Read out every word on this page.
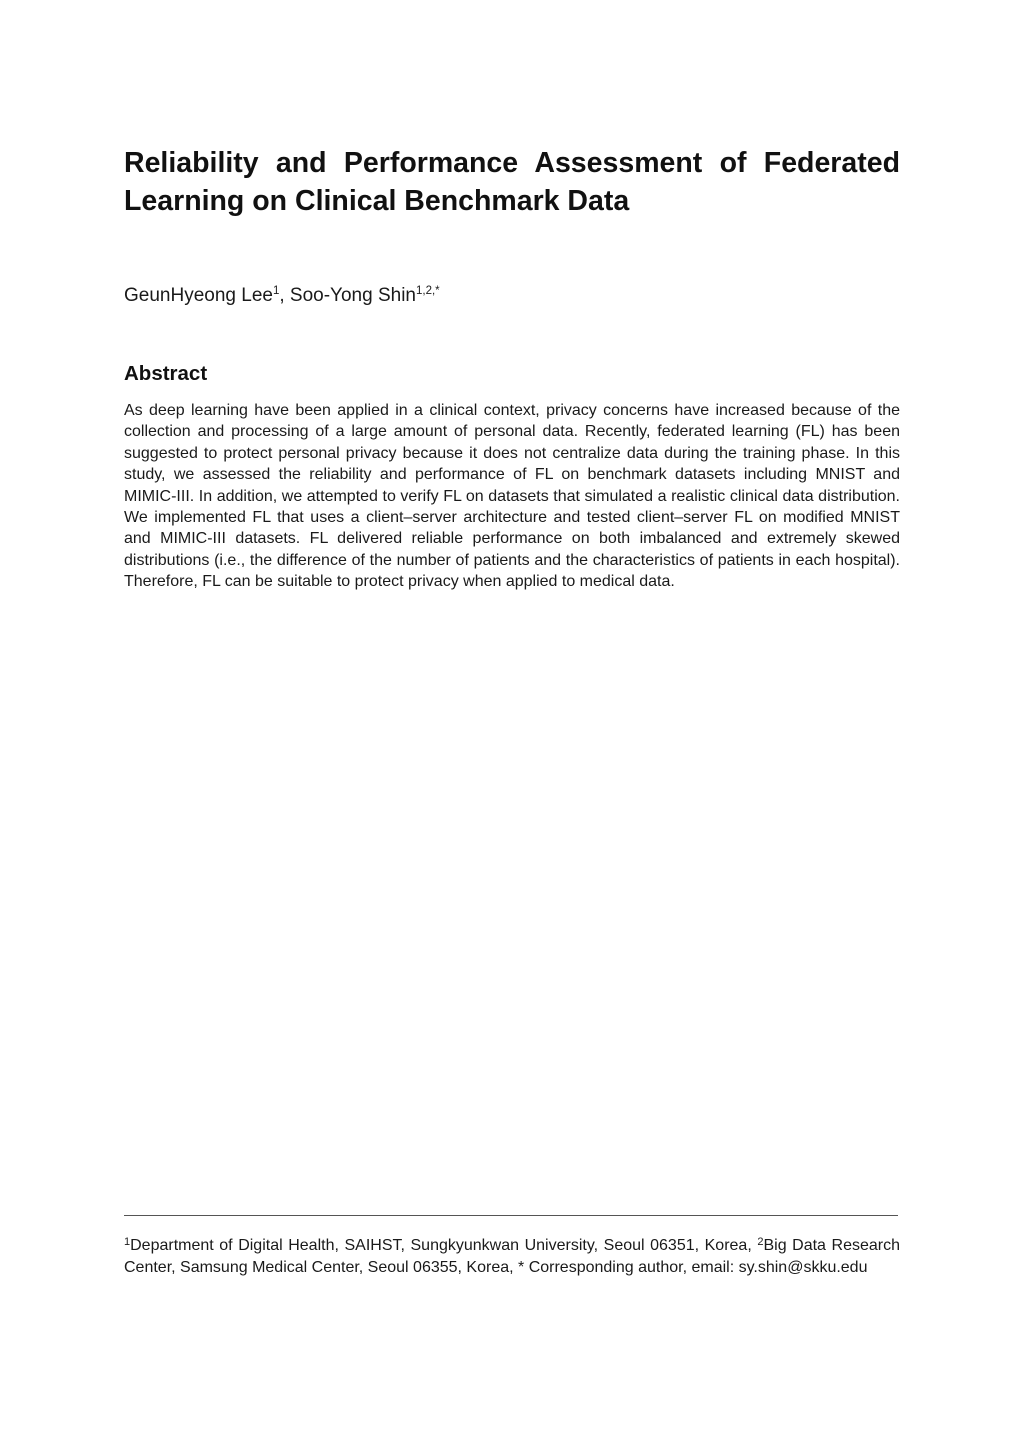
Reliability and Performance Assessment of Federated Learning on Clinical Benchmark Data
GeunHyeong Lee$^1$, Soo-Yong Shin$^{1,2,*}$
Abstract

As deep learning have been applied in a clinical context, privacy concerns have increased because of the collection and processing of a large amount of personal data. Recently, federated learning (FL) has been suggested to protect personal privacy because it does not centralize data during the training phase. In this study, we assessed the reliability and performance of FL on benchmark datasets including MNIST and MIMIC-III. In addition, we attempted to verify FL on datasets that simulated a realistic clinical data distribution. We implemented FL that uses a client–server architecture and tested client–server FL on modified MNIST and MIMIC-III datasets. FL delivered reliable performance on both imbalanced and extremely skewed distributions (i.e., the difference of the number of patients and the characteristics of patients in each hospital). Therefore, FL can be suitable to protect privacy when applied to medical data.

$^1$Department of Digital Health, SAIHST, Sungkyunkwan University, Seoul 06351, Korea, $^2$Big Data Research Center, Samsung Medical Center, Seoul 06355, Korea, * Corresponding author, email: sy.shin@skku.edu
